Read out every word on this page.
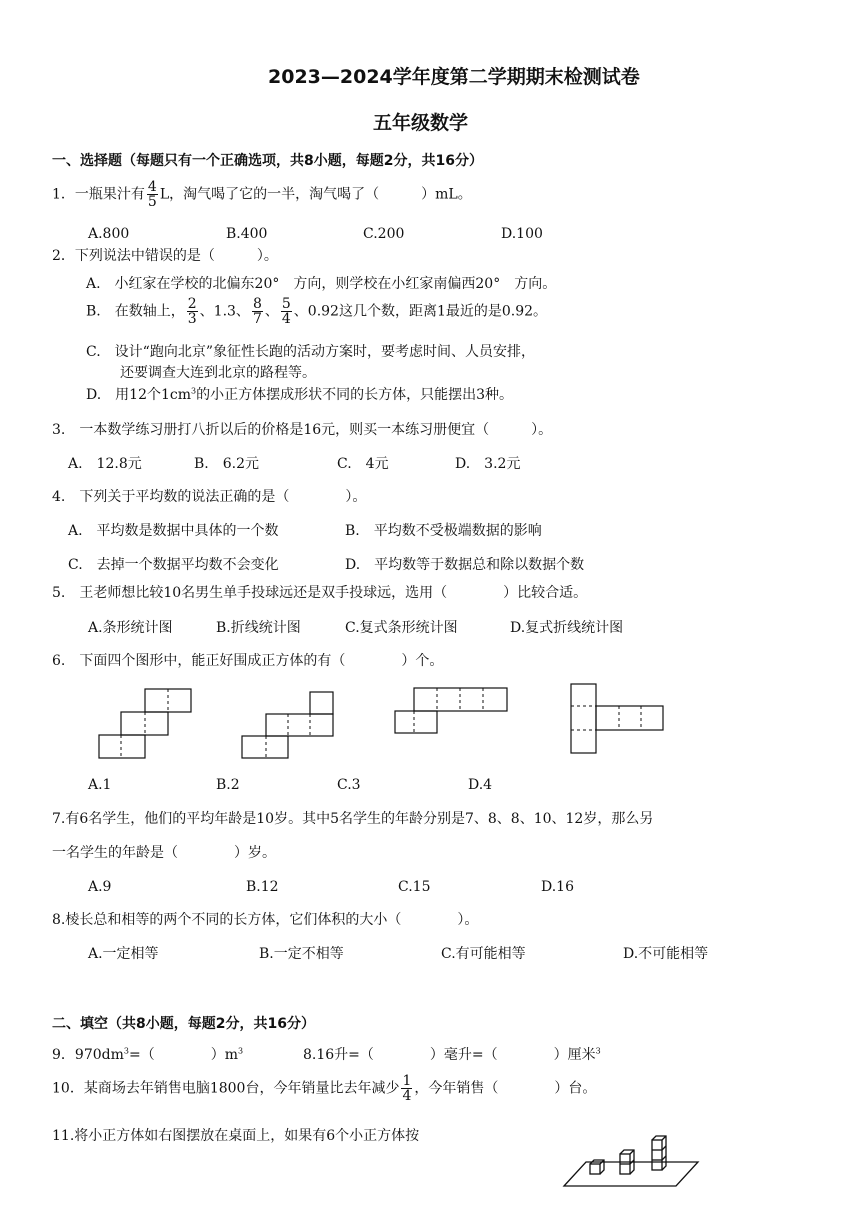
2023—2024学年度第二学期期末检测试卷
五年级数学
一、选择题（每题只有一个正确选项，共8小题，每题2分，共16分）
1．一瓶果汁有 $\frac{4}{5}$ L，淘气喝了它的一半，淘气喝了（　　　）mL。
A.800	B.400	C.200	D.100
2．下列说法中错误的是（　　　）。
A.　小红家在学校的北偏东20°　方向，则学校在小红家南偏西20°　方向。
B.　在数轴上， $\frac{2}{3}$ 、1.3、 $\frac{8}{7}$ 、 $\frac{5}{4}$ 、0.92这几个数，距离1最近的是0.92。
C.　设计“跑向北京”象征性长跑的活动方案时，要考虑时间、人员安排，
还要调查大连到北京的路程等。
D.　用12个$1cm^3$的小正方体摆成形状不同的长方体，只能摆出3种。
3.　一本数学练习册打八折以后的价格是16元，则买一本练习册便宜（　　　）。
A.　12.8元	B.　6.2元	C.　4元	D.　3.2元
4.　下列关于平均数的说法正确的是（　　　　）。
A.　平均数是数据中具体的一个数	B.　平均数不受极端数据的影响
C.　去掉一个数据平均数不会变化	D.　平均数等于数据总和除以数据个数
5.　王老师想比较10名男生单手投球远还是双手投球远，选用（　　　　）比较合适。
A.条形统计图	B.折线统计图	C.复式条形统计图	D.复式折线统计图
6.　下面四个图形中，能正好围成正方体的有（　　　　）个。
A.1	B.2	C.3	D.4
7.有6名学生，他们的平均年龄是10岁。其中5名学生的年龄分别是7、8、8、10、12岁，那么另
一名学生的年龄是（　　　　）岁。
A.9	B.12	C.15	D.16
8.棱长总和相等的两个不同的长方体，它们体积的大小（　　　　）。
A.一定相等	B.一定不相等	C.有可能相等	D.不可能相等
二、填空（共8小题，每题2分，共16分）
9．$970dm^3=$（　　　　）$m^3$	8.16升=（　　　　）毫升=（　　　　）厘米$^3$
10．某商场去年销售电脑1800台，今年销量比去年减少 $\frac{1}{4}$ ，今年销售（　　　　）台。
11.将小正方体如右图摆放在桌面上，如果有6个小正方体按
